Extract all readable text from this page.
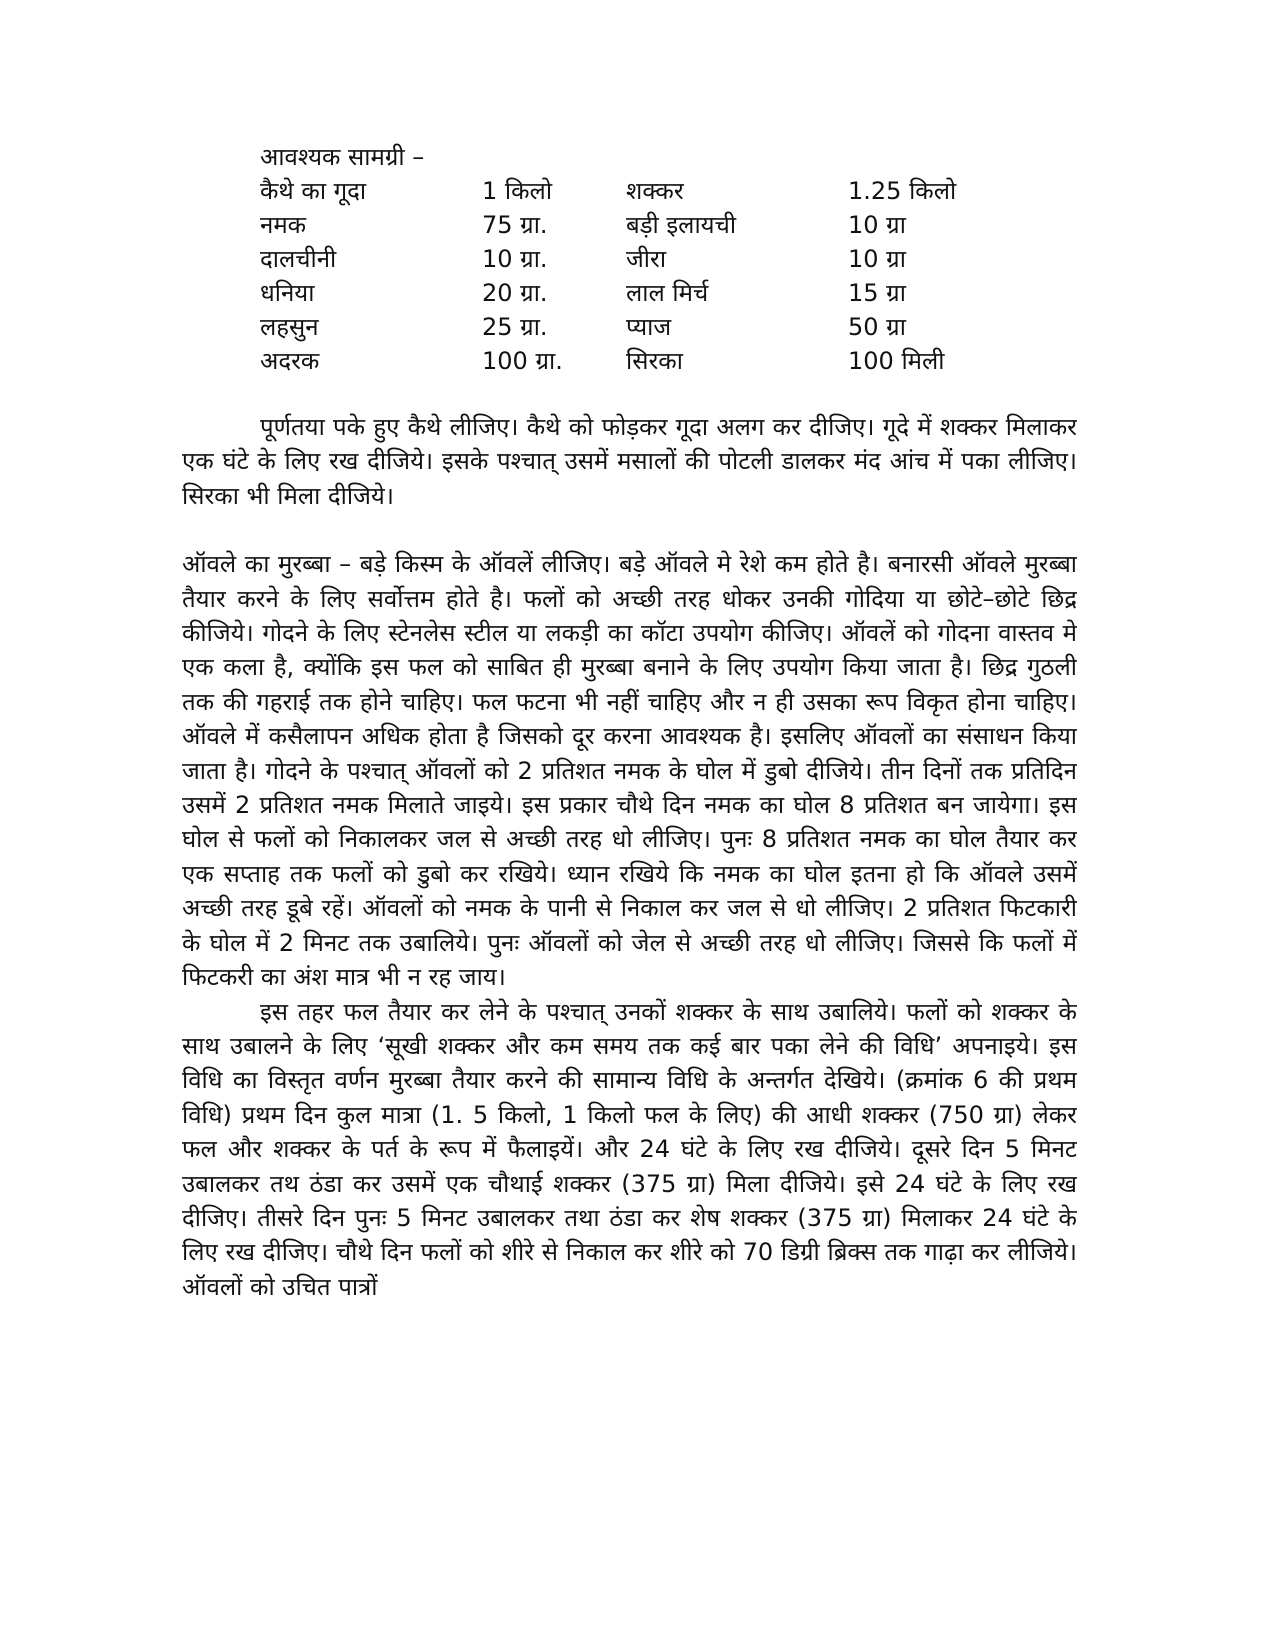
आवश्यक सामग्री –
कैथे का गूदा	1 किलो	शक्कर	1.25 किलो
नमक	75 ग्रा.	बड़ी इलायची	10 ग्रा
दालचीनी	10 ग्रा.	जीरा	10 ग्रा
धनिया	20 ग्रा.	लाल मिर्च	15 ग्रा
लहसुन	25 ग्रा.	प्याज	50 ग्रा
अदरक	100 ग्रा.	सिरका	100 मिली

पूर्णतया पके हुए कैथे लीजिए। कैथे को फोड़कर गूदा अलग कर दीजिए। गूदे में शक्कर मिलाकर एक घंटे के लिए रख दीजिये। इसके पश्चात् उसमें मसालों की पोटली डालकर मंद आंच में पका लीजिए। सिरका भी मिला दीजिये।

ऑवले का मुरब्बा – बड़े किस्म के ऑवलें लीजिए। बड़े ऑवले मे रेशे कम होते है। बनारसी ऑवले मुरब्बा तैयार करने के लिए सर्वोत्तम होते है। फलों को अच्छी तरह धोकर उनकी गोदिया या छोटे–छोटे छिद्र कीजिये। गोदने के लिए स्टेनलेस स्टील या लकड़ी का कॉटा उपयोग कीजिए। ऑवलें को गोदना वास्तव मे एक कला है, क्योंकि इस फल को साबित ही मुरब्बा बनाने के लिए उपयोग किया जाता है। छिद्र गुठली तक की गहराई तक होने चाहिए। फल फटना भी नहीं चाहिए और न ही उसका रूप विकृत होना चाहिए। ऑवले में कसैलापन अधिक होता है जिसको दूर करना आवश्यक है। इसलिए ऑवलों का संसाधन किया जाता है। गोदने के पश्चात् ऑवलों को 2 प्रतिशत नमक के घोल में डुबो दीजिये। तीन दिनों तक प्रतिदिन उसमें 2 प्रतिशत नमक मिलाते जाइये। इस प्रकार चौथे दिन नमक का घोल 8 प्रतिशत बन जायेगा। इस घोल से फलों को निकालकर जल से अच्छी तरह धो लीजिए। पुनः 8 प्रतिशत नमक का घोल तैयार कर एक सप्ताह तक फलों को डुबो कर रखिये। ध्यान रखिये कि नमक का घोल इतना हो कि ऑवले उसमें अच्छी तरह डूबे रहें। ऑवलों को नमक के पानी से निकाल कर जल से धो लीजिए। 2 प्रतिशत फिटकारी के घोल में 2 मिनट तक उबालिये। पुनः ऑवलों को जेल से अच्छी तरह धो लीजिए। जिससे कि फलों में फिटकरी का अंश मात्र भी न रह जाय।

इस तहर फल तैयार कर लेने के पश्चात् उनकों शक्कर के साथ उबालिये। फलों को शक्कर के साथ उबालने के लिए ‘सूखी शक्कर और कम समय तक कई बार पका लेने की विधि’ अपनाइये। इस विधि का विस्तृत वर्णन मुरब्बा तैयार करने की सामान्य विधि के अन्तर्गत देखिये। (क्रमांक 6 की प्रथम विधि) प्रथम दिन कुल मात्रा (1. 5 किलो, 1 किलो फल के लिए) की आधी शक्कर (750 ग्रा) लेकर फल और शक्कर के पर्त के रूप में फैलाइयें। और 24 घंटे के लिए रख दीजिये। दूसरे दिन 5 मिनट उबालकर तथ ठंडा कर उसमें एक चौथाई शक्कर (375 ग्रा) मिला दीजिये। इसे 24 घंटे के लिए रख दीजिए। तीसरे दिन पुनः 5 मिनट उबालकर तथा ठंडा कर शेष शक्कर (375 ग्रा) मिलाकर 24 घंटे के लिए रख दीजिए। चौथे दिन फलों को शीरे से निकाल कर शीरे को 70 डिग्री ब्रिक्स तक गाढ़ा कर लीजिये। ऑवलों को उचित पात्रों
